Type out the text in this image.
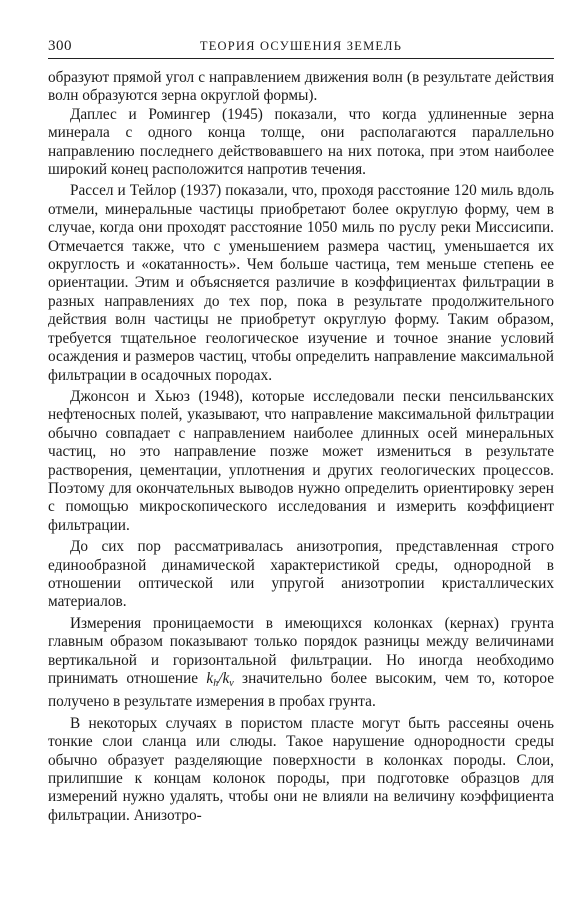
300	ТЕОРИЯ ОСУШЕНИЯ ЗЕМЕЛЬ

образуют прямой угол с направлением движения волн (в результате действия волн образуются зерна округлой формы).

Даплес и Ромингер (1945) показали, что когда удлиненные зерна минерала с одного конца толще, они располагаются параллельно направлению последнего действовавшего на них потока, при этом наиболее широкий конец расположится напротив течения.

Рассел и Тейлор (1937) показали, что, проходя расстояние 120 миль вдоль отмели, минеральные частицы приобретают более округлую форму, чем в случае, когда они проходят расстояние 1050 миль по руслу реки Миссисипи. Отмечается также, что с уменьшением размера частиц, уменьшается их округлость и «окатанность». Чем больше частица, тем меньше степень ее ориентации. Этим и объясняется различие в коэффициентах фильтрации в разных направлениях до тех пор, пока в результате продолжительного действия волн частицы не приобретут округлую форму. Таким образом, требуется тщательное геологическое изучение и точное знание условий осаждения и размеров частиц, чтобы определить направление максимальной фильтрации в осадочных породах.

Джонсон и Хьюз (1948), которые исследовали пески пенсильванских нефтеносных полей, указывают, что направление максимальной фильтрации обычно совпадает с направлением наиболее длинных осей минеральных частиц, но это направление позже может измениться в результате растворения, цементации, уплотнения и других геологических процессов. Поэтому для окончательных выводов нужно определить ориентировку зерен с помощью микроскопического исследования и измерить коэффициент фильтрации.

До сих пор рассматривалась анизотропия, представленная строго единообразной динамической характеристикой среды, однородной в отношении оптической или упругой анизотропии кристаллических материалов.

Измерения проницаемости в имеющихся колонках (кернах) грунта главным образом показывают только порядок разницы между величинами вертикальной и горизонтальной фильтрации. Но иногда необходимо принимать отношение $k_h/k_v$ значительно более высоким, чем то, которое получено в результате измерения в пробах грунта.

В некоторых случаях в пористом пласте могут быть рассеяны очень тонкие слои сланца или слюды. Такое нарушение однородности среды обычно образует разделяющие поверхности в колонках породы. Слои, прилипшие к концам колонок породы, при подготовке образцов для измерений нужно удалять, чтобы они не влияли на величину коэффициента фильтрации. Анизотро-
